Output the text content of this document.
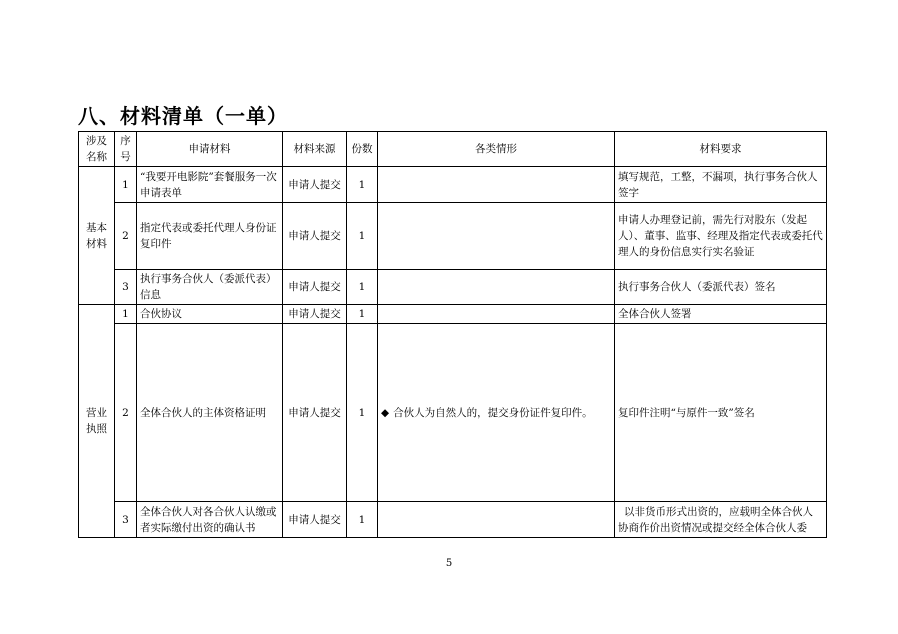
八、材料清单（一单）
涉及名称	序号	申请材料	材料来源	份数	各类情形	材料要求
基本材料	1	“我要开电影院”套餐服务一次申请表单	申请人提交	1		填写规范，工整，不漏项，执行事务合伙人签字
	2	指定代表或委托代理人身份证复印件	申请人提交	1		申请人办理登记前，需先行对股东（发起人）、董事、监事、经理及指定代表或委托代理人的身份信息实行实名验证
	3	执行事务合伙人（委派代表）信息	申请人提交	1		执行事务合伙人（委派代表）签名
营业执照	1	合伙协议	申请人提交	1		全体合伙人签署
	2	全体合伙人的主体资格证明	申请人提交	1	◆ 合伙人为自然人的，提交身份证件复印件。	复印件注明“与原件一致”签名
	3	全体合伙人对各合伙人认缴或者实际缴付出资的确认书	申请人提交	1		以非货币形式出资的，应载明全体合伙人协商作价出资情况或提交经全体合伙人委
5
